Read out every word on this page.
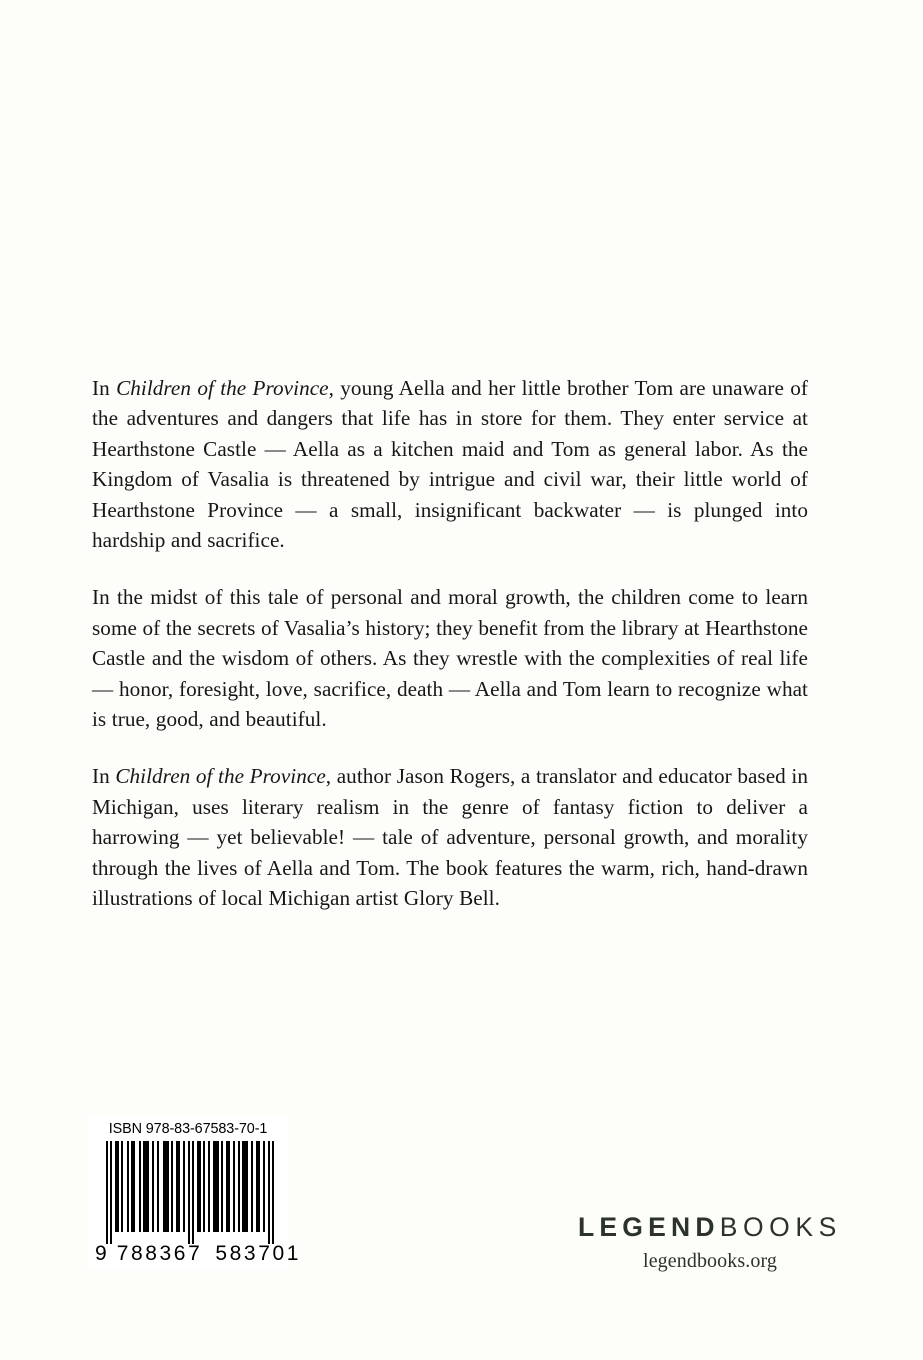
In Children of the Province, young Aella and her little brother Tom are unaware of the adventures and dangers that life has in store for them. They enter service at Hearthstone Castle — Aella as a kitchen maid and Tom as general labor. As the Kingdom of Vasalia is threatened by intrigue and civil war, their little world of Hearthstone Province — a small, insignificant backwater — is plunged into hardship and sacrifice.

In the midst of this tale of personal and moral growth, the children come to learn some of the secrets of Vasalia’s history; they benefit from the library at Hearthstone Castle and the wisdom of others. As they wrestle with the complexities of real life — honor, foresight, love, sacrifice, death — Aella and Tom learn to recognize what is true, good, and beautiful.

In Children of the Province, author Jason Rogers, a translator and educator based in Michigan, uses literary realism in the genre of fantasy fiction to deliver a harrowing — yet believable! — tale of adventure, personal growth, and morality through the lives of Aella and Tom. The book features the warm, rich, hand-drawn illustrations of local Michigan artist Glory Bell.

ISBN 978-83-67583-70-1
9 788367 583701
LEGENDBOOKS
legendbooks.org
